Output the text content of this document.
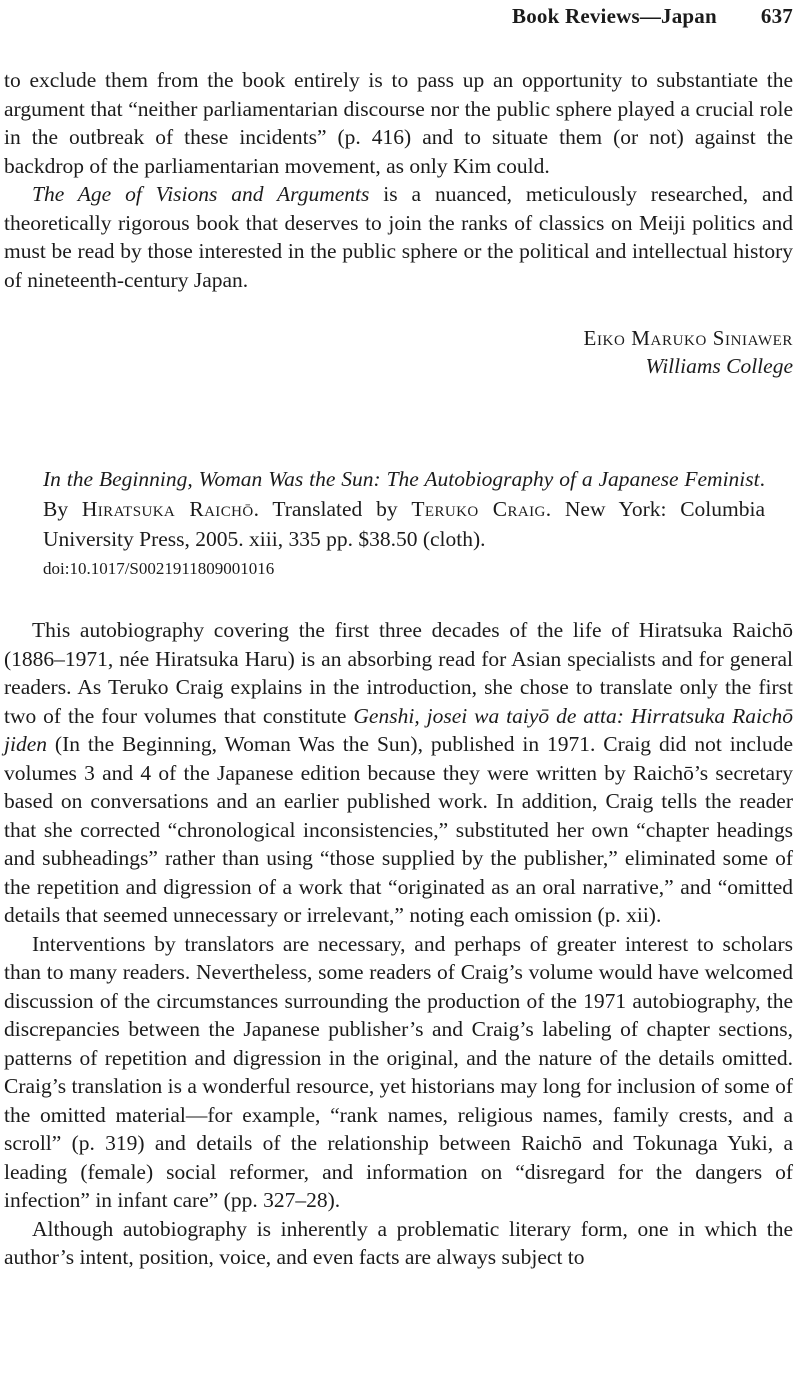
Book Reviews—Japan 637

to exclude them from the book entirely is to pass up an opportunity to substantiate the argument that “neither parliamentarian discourse nor the public sphere played a crucial role in the outbreak of these incidents” (p. 416) and to situate them (or not) against the backdrop of the parliamentarian movement, as only Kim could.

The Age of Visions and Arguments is a nuanced, meticulously researched, and theoretically rigorous book that deserves to join the ranks of classics on Meiji politics and must be read by those interested in the public sphere or the political and intellectual history of nineteenth-century Japan.

Eiko Maruko Siniawer
Williams College
In the Beginning, Woman Was the Sun: The Autobiography of a Japanese Feminist. By Hiratsuka Raichō. Translated by Teruko Craig. New York: Columbia University Press, 2005. xiii, 335 pp. $38.50 (cloth).
doi:10.1017/S0021911809001016

This autobiography covering the first three decades of the life of Hiratsuka Raichō (1886–1971, née Hiratsuka Haru) is an absorbing read for Asian specialists and for general readers. As Teruko Craig explains in the introduction, she chose to translate only the first two of the four volumes that constitute Genshi, josei wa taiyō de atta: Hirratsuka Raichō jiden (In the Beginning, Woman Was the Sun), published in 1971. Craig did not include volumes 3 and 4 of the Japanese edition because they were written by Raichō’s secretary based on conversations and an earlier published work. In addition, Craig tells the reader that she corrected “chronological inconsistencies,” substituted her own “chapter headings and subheadings” rather than using “those supplied by the publisher,” eliminated some of the repetition and digression of a work that “originated as an oral narrative,” and “omitted details that seemed unnecessary or irrelevant,” noting each omission (p. xii).

Interventions by translators are necessary, and perhaps of greater interest to scholars than to many readers. Nevertheless, some readers of Craig’s volume would have welcomed discussion of the circumstances surrounding the production of the 1971 autobiography, the discrepancies between the Japanese publisher’s and Craig’s labeling of chapter sections, patterns of repetition and digression in the original, and the nature of the details omitted. Craig’s translation is a wonderful resource, yet historians may long for inclusion of some of the omitted material—for example, “rank names, religious names, family crests, and a scroll” (p. 319) and details of the relationship between Raichō and Tokunaga Yuki, a leading (female) social reformer, and information on “disregard for the dangers of infection” in infant care” (pp. 327–28).

Although autobiography is inherently a problematic literary form, one in which the author’s intent, position, voice, and even facts are always subject to
